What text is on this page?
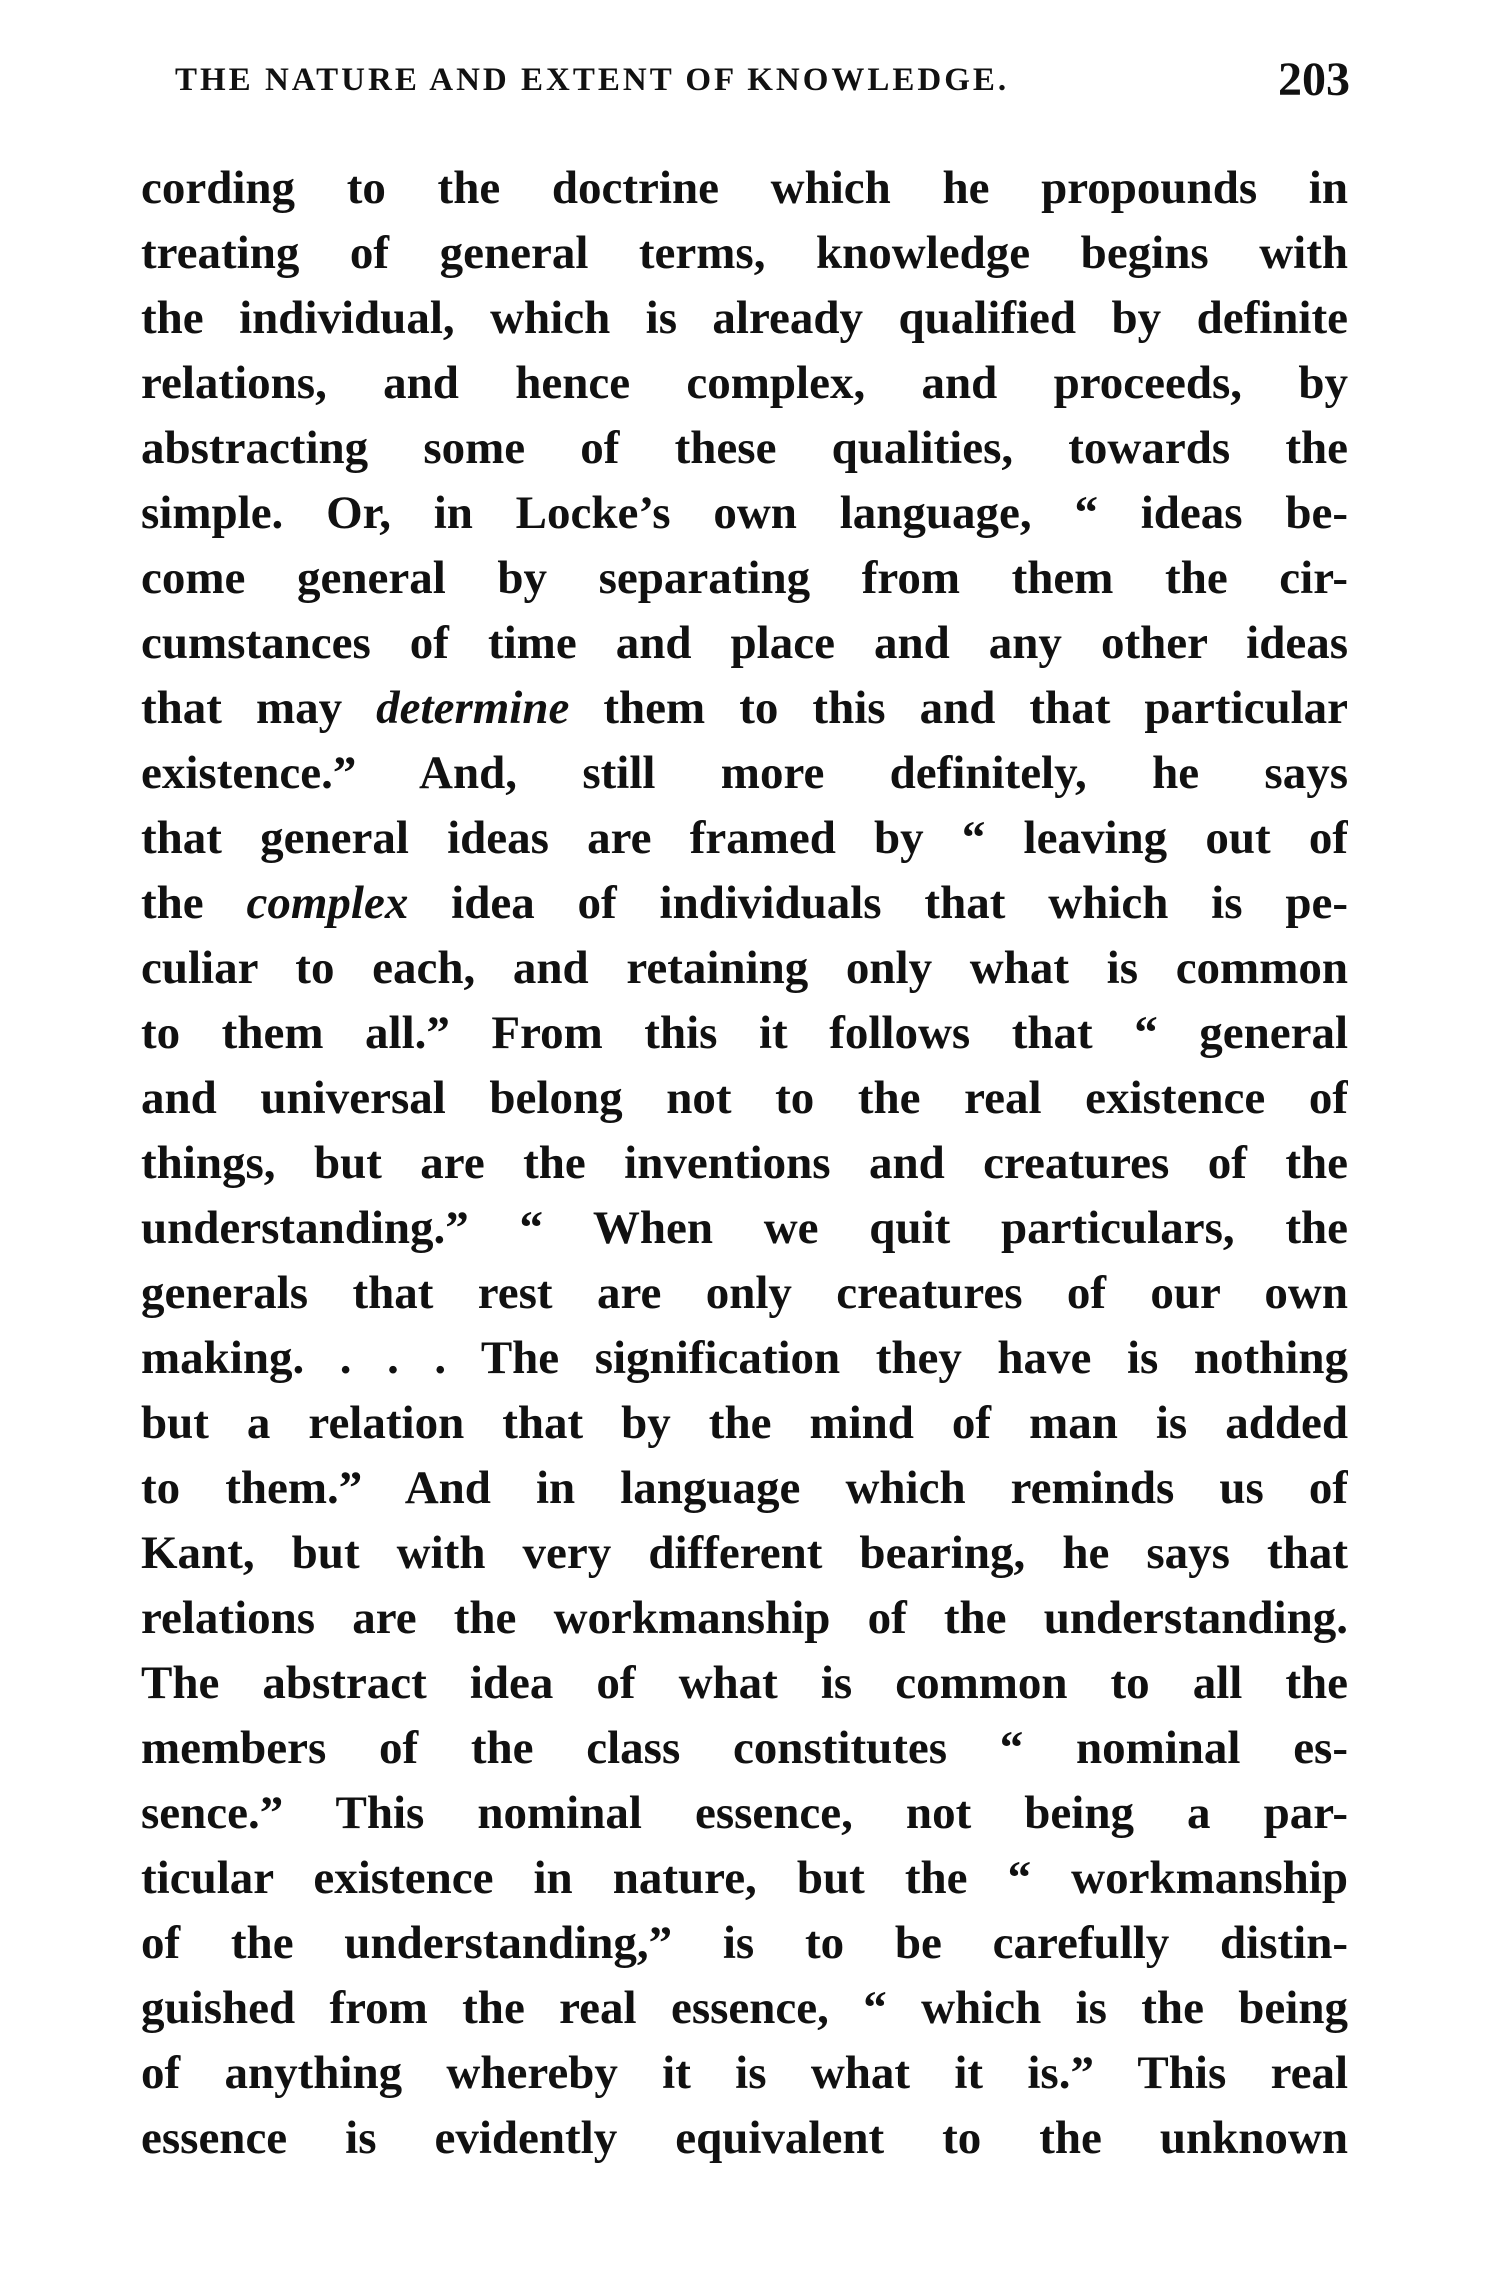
THE NATURE AND EXTENT OF KNOWLEDGE.	203
cording to the doctrine which he propounds in
treating of general terms, knowledge begins with
the individual, which is already qualified by definite
relations, and hence complex, and proceeds, by
abstracting some of these qualities, towards the
simple. Or, in Locke’s own language, “ ideas be-
come general by separating from them the cir-
cumstances of time and place and any other ideas
that may determine them to this and that particular
existence.” And, still more definitely, he says
that general ideas are framed by “ leaving out of
the complex idea of individuals that which is pe-
culiar to each, and retaining only what is common
to them all.” From this it follows that “ general
and universal belong not to the real existence of
things, but are the inventions and creatures of the
understanding.” “ When we quit particulars, the
generals that rest are only creatures of our own
making. . . . The signification they have is nothing
but a relation that by the mind of man is added
to them.” And in language which reminds us of
Kant, but with very different bearing, he says that
relations are the workmanship of the understanding.
The abstract idea of what is common to all the
members of the class constitutes “ nominal es-
sence.” This nominal essence, not being a par-
ticular existence in nature, but the “ workmanship
of the understanding,” is to be carefully distin-
guished from the real essence, “ which is the being
of anything whereby it is what it is.” This real
essence is evidently equivalent to the unknown
